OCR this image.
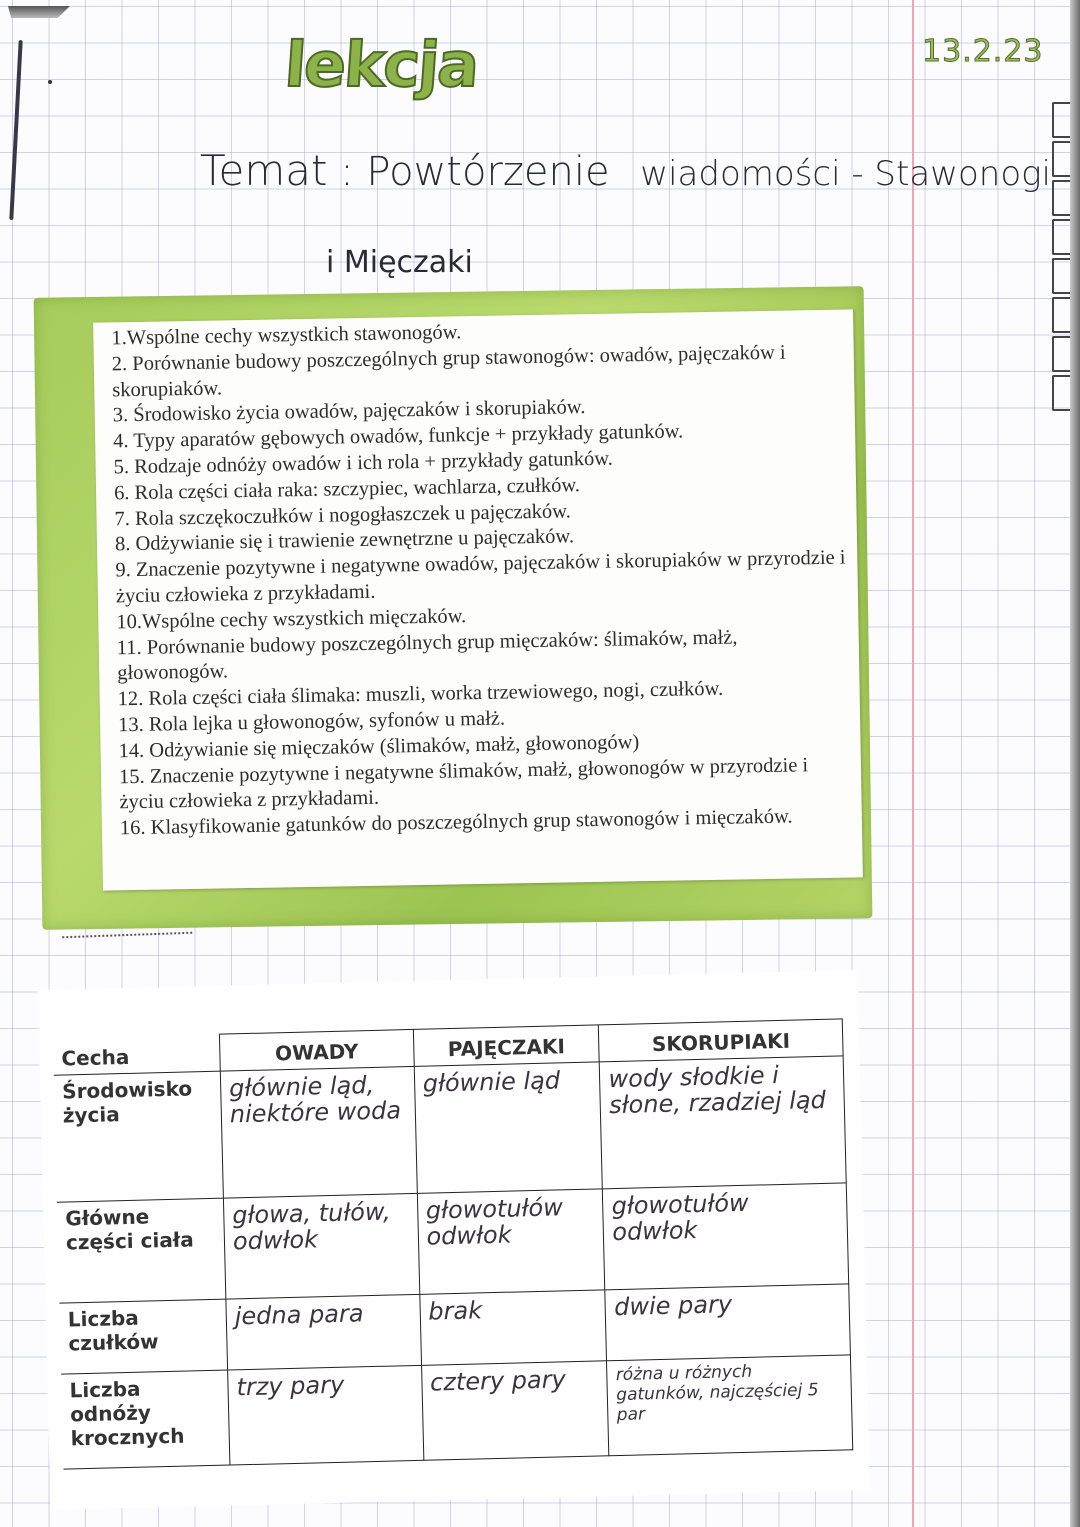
lekcja	13.2.23
Temat : Powtórzenie wiadomości - Stawonogi
i Mięczaki
1.Wspólne cechy wszystkich stawonogów.
2. Porównanie budowy poszczególnych grup stawonogów: owadów, pajęczaków i skorupiaków.
3. Środowisko życia owadów, pajęczaków i skorupiaków.
4. Typy aparatów gębowych owadów, funkcje + przykłady gatunków.
5. Rodzaje odnóży owadów i ich rola + przykłady gatunków.
6. Rola części ciała raka: szczypiec, wachlarza, czułków.
7. Rola szczękoczułków i nogogłaszczek u pajęczaków.
8. Odżywianie się i trawienie zewnętrzne u pajęczaków.
9. Znaczenie pozytywne i negatywne owadów, pajęczaków i skorupiaków w przyrodzie i życiu człowieka z przykładami.
10.Wspólne cechy wszystkich mięczaków.
11. Porównanie budowy poszczególnych grup mięczaków: ślimaków, małż, głowonogów.
12. Rola części ciała ślimaka: muszli, worka trzewiowego, nogi, czułków.
13. Rola lejka u głowonogów, syfonów u małż.
14. Odżywianie się mięczaków (ślimaków, małż, głowonogów)
15. Znaczenie pozytywne i negatywne ślimaków, małż, głowonogów w przyrodzie i życiu człowieka z przykładami.
16. Klasyfikowanie gatunków do poszczególnych grup stawonogów i mięczaków.
Cecha	OWADY	PAJĘCZAKI	SKORUPIAKI
Środowisko życia	głównie ląd, niektóre woda	głównie ląd	wody słodkie i słone, rzadziej ląd
Główne części ciała	głowa, tułów, odwłok	głowotułów odwłok	głowotułów odwłok
Liczba czułków	jedna para	brak	dwie pary
Liczba odnóży krocznych	trzy pary	cztery pary	różna u różnych gatunków, najczęściej 5 par
